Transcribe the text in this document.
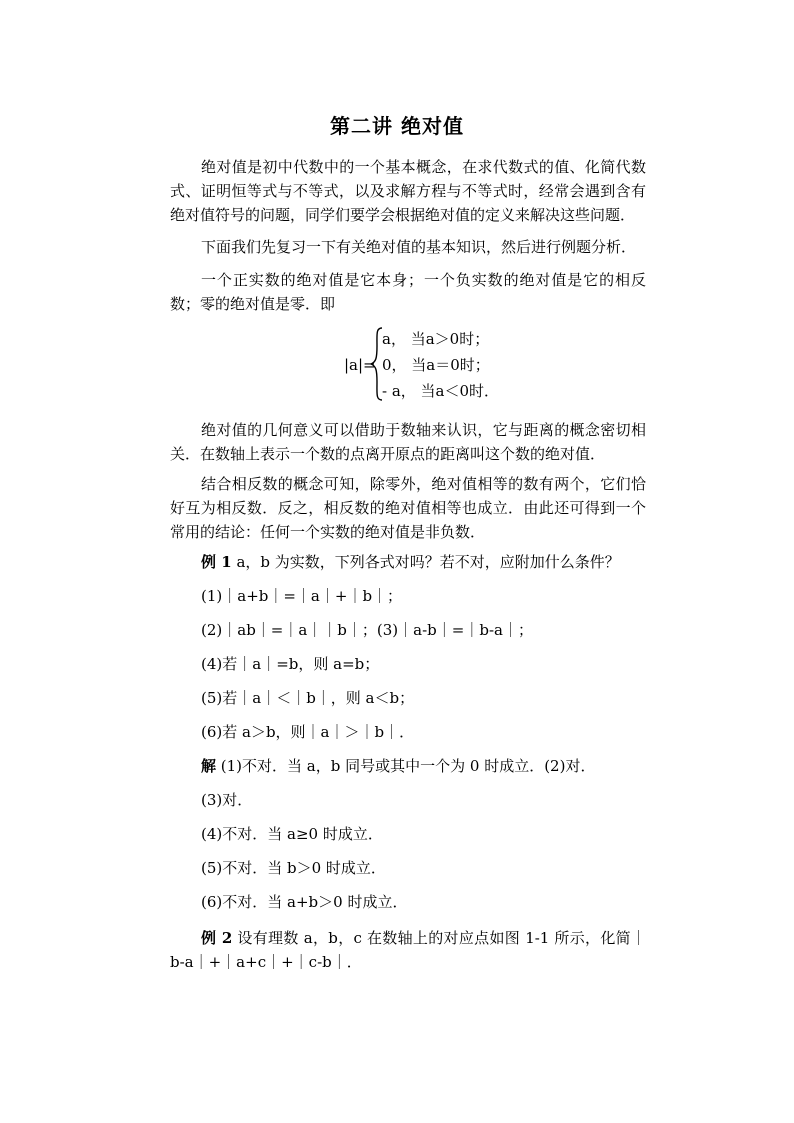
第二讲 绝对值

绝对值是初中代数中的一个基本概念，在求代数式的值、化简代数式、证明恒等式与不等式，以及求解方程与不等式时，经常会遇到含有绝对值符号的问题，同学们要学会根据绝对值的定义来解决这些问题．

下面我们先复习一下有关绝对值的基本知识，然后进行例题分析．

一个正实数的绝对值是它本身；一个负实数的绝对值是它的相反数；零的绝对值是零．即

|a|=
a， 当a＞0时；
0， 当a＝0时；
- a， 当a＜0时．

绝对值的几何意义可以借助于数轴来认识，它与距离的概念密切相关．在数轴上表示一个数的点离开原点的距离叫这个数的绝对值．

结合相反数的概念可知，除零外，绝对值相等的数有两个，它们恰好互为相反数．反之，相反数的绝对值相等也成立．由此还可得到一个常用的结论：任何一个实数的绝对值是非负数．

例 1 a，b 为实数，下列各式对吗？若不对，应附加什么条件？
(1)｜a+b｜=｜a｜+｜b｜；
(2)｜ab｜=｜a｜｜b｜；(3)｜a-b｜=｜b-a｜；
(4)若｜a｜=b，则 a=b；
(5)若｜a｜＜｜b｜，则 a＜b；
(6)若 a＞b，则｜a｜＞｜b｜．
解 (1)不对．当 a，b 同号或其中一个为 0 时成立．(2)对．
(3)对．
(4)不对．当 a≥0 时成立．
(5)不对．当 b＞0 时成立．
(6)不对．当 a+b＞0 时成立．

例 2 设有理数 a，b，c 在数轴上的对应点如图 1-1 所示，化简｜b-a｜+｜a+c｜+｜c-b｜．
